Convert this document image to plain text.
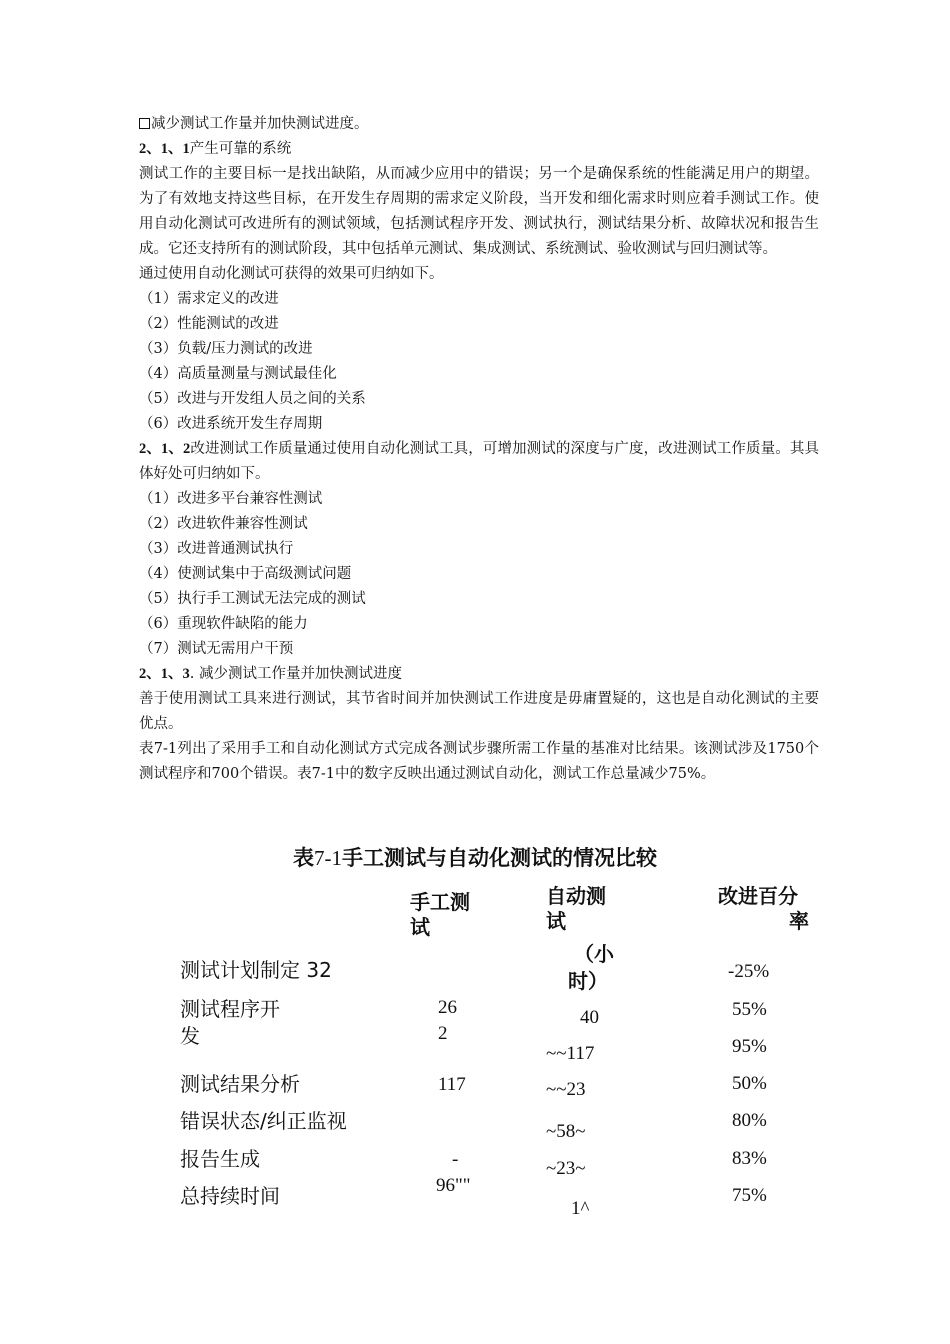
减少测试工作量并加快测试进度。

2、1、1产生可靠的系统

测试工作的主要目标一是找出缺陷，从而减少应用中的错误；另一个是确保系统的性能满足用户的期望。为了有效地支持这些目标，在开发生存周期的需求定义阶段，当开发和细化需求时则应着手测试工作。使用自动化测试可改进所有的测试领域，包括测试程序开发、测试执行，测试结果分析、故障状况和报告生成。它还支持所有的测试阶段，其中包括单元测试、集成测试、系统测试、验收测试与回归测试等。

通过使用自动化测试可获得的效果可归纳如下。

（1）需求定义的改进

（2）性能测试的改进

（3）负载/压力测试的改进

（4）高质量测量与测试最佳化

（5）改进与开发组人员之间的关系

（6）改进系统开发生存周期

2、1、2改进测试工作质量通过使用自动化测试工具，可增加测试的深度与广度，改进测试工作质量。其具体好处可归纳如下。

（1）改进多平台兼容性测试

（2）改进软件兼容性测试

（3）改进普通测试执行

（4）使测试集中于高级测试问题

（5）执行手工测试无法完成的测试

（6）重现软件缺陷的能力

（7）测试无需用户干预

2、1、3. 减少测试工作量并加快测试进度

善于使用测试工具来进行测试，其节省时间并加快测试工作进度是毋庸置疑的，这也是自动化测试的主要优点。

表7-1列出了采用手工和自动化测试方式完成各测试步骤所需工作量的基准对比结果。该测试涉及1750个测试程序和700个错误。表7-1中的数字反映出通过测试自动化，测试工作总量减少75%。

表7-1手工测试与自动化测试的情况比较
手工测
试
自动测
试
改进百分
率
（小
时）
测试计划制定 32
测试程序开
发
测试结果分析
错误状态/纠正监视
报告生成
总持续时间
26
2
117
-
96""
40
~~117
~~23
~58~
~23~
1^
-25%
55%
95%
50%
80%
83%
75%
